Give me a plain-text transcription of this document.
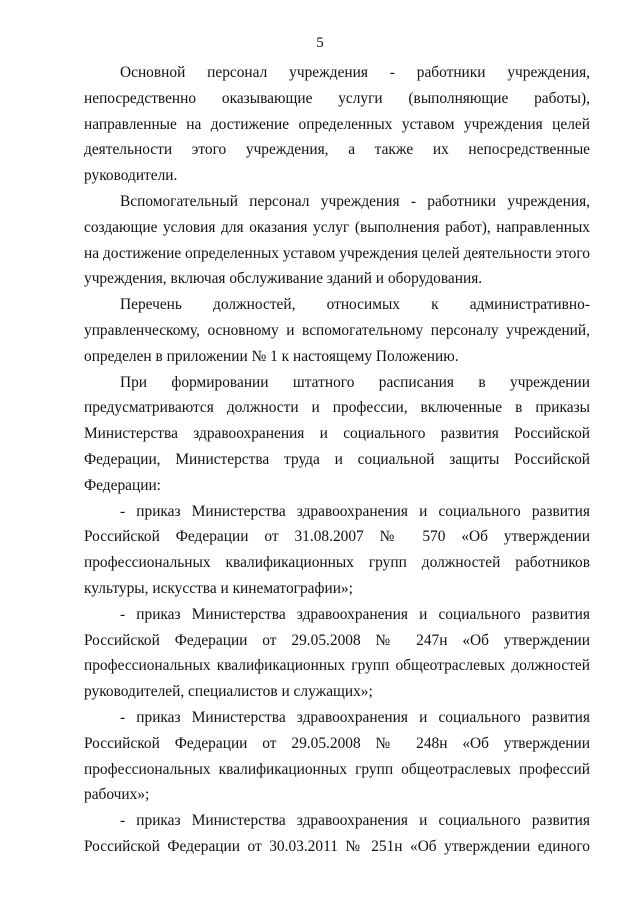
5

Основной персонал учреждения - работники учреждения, непосредственно оказывающие услуги (выполняющие работы), направленные на достижение определенных уставом учреждения целей деятельности этого учреждения, а также их непосредственные руководители.

Вспомогательный персонал учреждения - работники учреждения, создающие условия для оказания услуг (выполнения работ), направленных на достижение определенных уставом учреждения целей деятельности этого учреждения, включая обслуживание зданий и оборудования.

Перечень должностей, относимых к административно-управленческому, основному и вспомогательному персоналу учреждений, определен в приложении № 1 к настоящему Положению.

При формировании штатного расписания в учреждении предусматриваются должности и профессии, включенные в приказы Министерства здравоохранения и социального развития Российской Федерации, Министерства труда и социальной защиты Российской Федерации:

- приказ Министерства здравоохранения и социального развития Российской Федерации от 31.08.2007 № 570 «Об утверждении профессиональных квалификационных групп должностей работников культуры, искусства и кинематографии»;

- приказ Министерства здравоохранения и социального развития Российской Федерации от 29.05.2008 № 247н «Об утверждении профессиональных квалификационных групп общеотраслевых должностей руководителей, специалистов и служащих»;

- приказ Министерства здравоохранения и социального развития Российской Федерации от 29.05.2008 № 248н «Об утверждении профессиональных квалификационных групп общеотраслевых профессий рабочих»;

- приказ Министерства здравоохранения и социального развития Российской Федерации от 30.03.2011 № 251н «Об утверждении единого
